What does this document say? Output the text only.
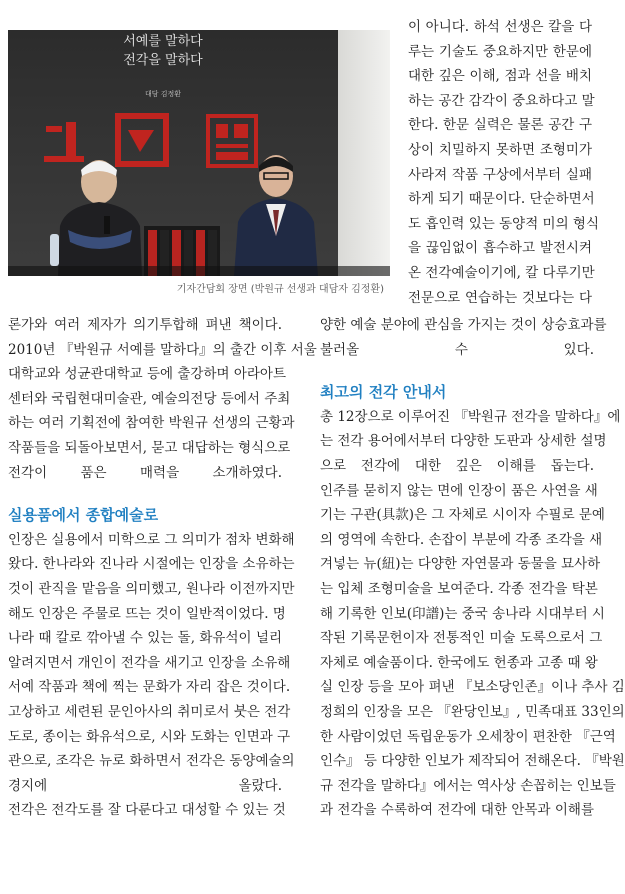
서예를 말하다
전각을 말하다
대담 김정환
기자간담회 장면 (박원규 선생과 대담자 김정환)
이 아니다. 하석 선생은 칼을 다
루는 기술도 중요하지만 한문에
대한 깊은 이해, 점과 선을 배치
하는 공간 감각이 중요하다고 말
한다. 한문 실력은 물론 공간 구
상이 치밀하지 못하면 조형미가
사라져 작품 구상에서부터 실패
하게 되기 때문이다. 단순하면서
도 흡인력 있는 동양적 미의 형식
을 끊임없이 흡수하고 발전시켜
온 전각예술이기에, 칼 다루기만
전문으로 연습하는 것보다는 다
론가와 여러 제자가 의기투합해 펴낸 책이다.
2010년 『박원규 서예를 말하다』의 출간 이후 서울
대학교와 성균관대학교 등에 출강하며 아라아트
센터와 국립현대미술관, 예술의전당 등에서 주최
하는 여러 기획전에 참여한 박원규 선생의 근황과
작품들을 되돌아보면서, 묻고 대답하는 형식으로
전각이 품은 매력을 소개하였다.
실용품에서 종합예술로
인장은 실용에서 미학으로 그 의미가 점차 변화해
왔다. 한나라와 진나라 시절에는 인장을 소유하는
것이 관직을 맡음을 의미했고, 원나라 이전까지만
해도 인장은 주물로 뜨는 것이 일반적이었다. 명
나라 때 칼로 깎아낼 수 있는 돌, 화유석이 널리
알려지면서 개인이 전각을 새기고 인장을 소유해
서예 작품과 책에 찍는 문화가 자리 잡은 것이다.
고상하고 세련된 문인아사의 취미로서 붓은 전각
도로, 종이는 화유석으로, 시와 도화는 인면과 구
관으로, 조각은 뉴로 화하면서 전각은 동양예술의
경지에 올랐다.
전각은 전각도를 잘 다룬다고 대성할 수 있는 것
양한 예술 분야에 관심을 가지는 것이 상승효과를
불러올 수 있다.
최고의 전각 안내서
총 12장으로 이루어진 『박원규 전각을 말하다』에
는 전각 용어에서부터 다양한 도판과 상세한 설명
으로 전각에 대한 깊은 이해를 돕는다.
인주를 묻히지 않는 면에 인장이 품은 사연을 새
기는 구관(具款)은 그 자체로 시이자 수필로 문예
의 영역에 속한다. 손잡이 부분에 각종 조각을 새
겨넣는 뉴(紐)는 다양한 자연물과 동물을 묘사하
는 입체 조형미술을 보여준다. 각종 전각을 탁본
해 기록한 인보(印譜)는 중국 송나라 시대부터 시
작된 기록문헌이자 전통적인 미술 도록으로서 그
자체로 예술품이다. 한국에도 헌종과 고종 때 왕
실 인장 등을 모아 펴낸 『보소당인존』이나 추사 김
정희의 인장을 모은 『완당인보』, 민족대표 33인의
한 사람이었던 독립운동가 오세창이 편찬한 『근역
인수』 등 다양한 인보가 제작되어 전해온다. 『박원
규 전각을 말하다』에서는 역사상 손꼽히는 인보들
과 전각을 수록하여 전각에 대한 안목과 이해를
